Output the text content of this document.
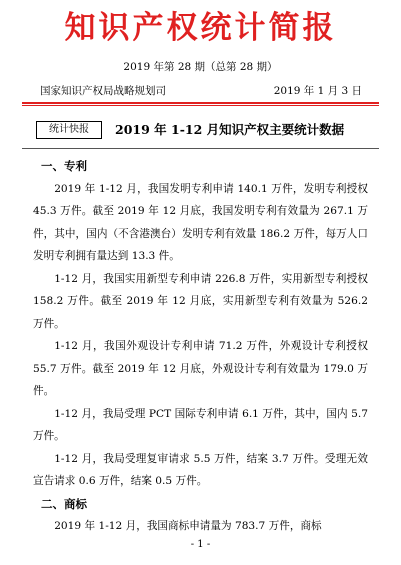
知识产权统计简报
2019 年第 28 期（总第 28 期）
国家知识产权局战略规划司	2019 年 1 月 3 日
统计快报	2019 年 1-12 月知识产权主要统计数据

一、专利

2019 年 1-12 月，我国发明专利申请 140.1 万件，发明专利授权 45.3 万件。截至 2019 年 12 月底，我国发明专利有效量为 267.1 万件，其中，国内（不含港澳台）发明专利有效量 186.2 万件，每万人口发明专利拥有量达到 13.3 件。

1-12 月，我国实用新型专利申请 226.8 万件，实用新型专利授权 158.2 万件。截至 2019 年 12 月底，实用新型专利有效量为 526.2 万件。

1-12 月，我国外观设计专利申请 71.2 万件，外观设计专利授权 55.7 万件。截至 2019 年 12 月底，外观设计专利有效量为 179.0 万件。

1-12 月，我局受理 PCT 国际专利申请 6.1 万件，其中，国内 5.7 万件。

1-12 月，我局受理复审请求 5.5 万件，结案 3.7 万件。受理无效宣告请求 0.6 万件，结案 0.5 万件。

二、商标

2019 年 1-12 月，我国商标申请量为 783.7 万件，商标

- 1 -
